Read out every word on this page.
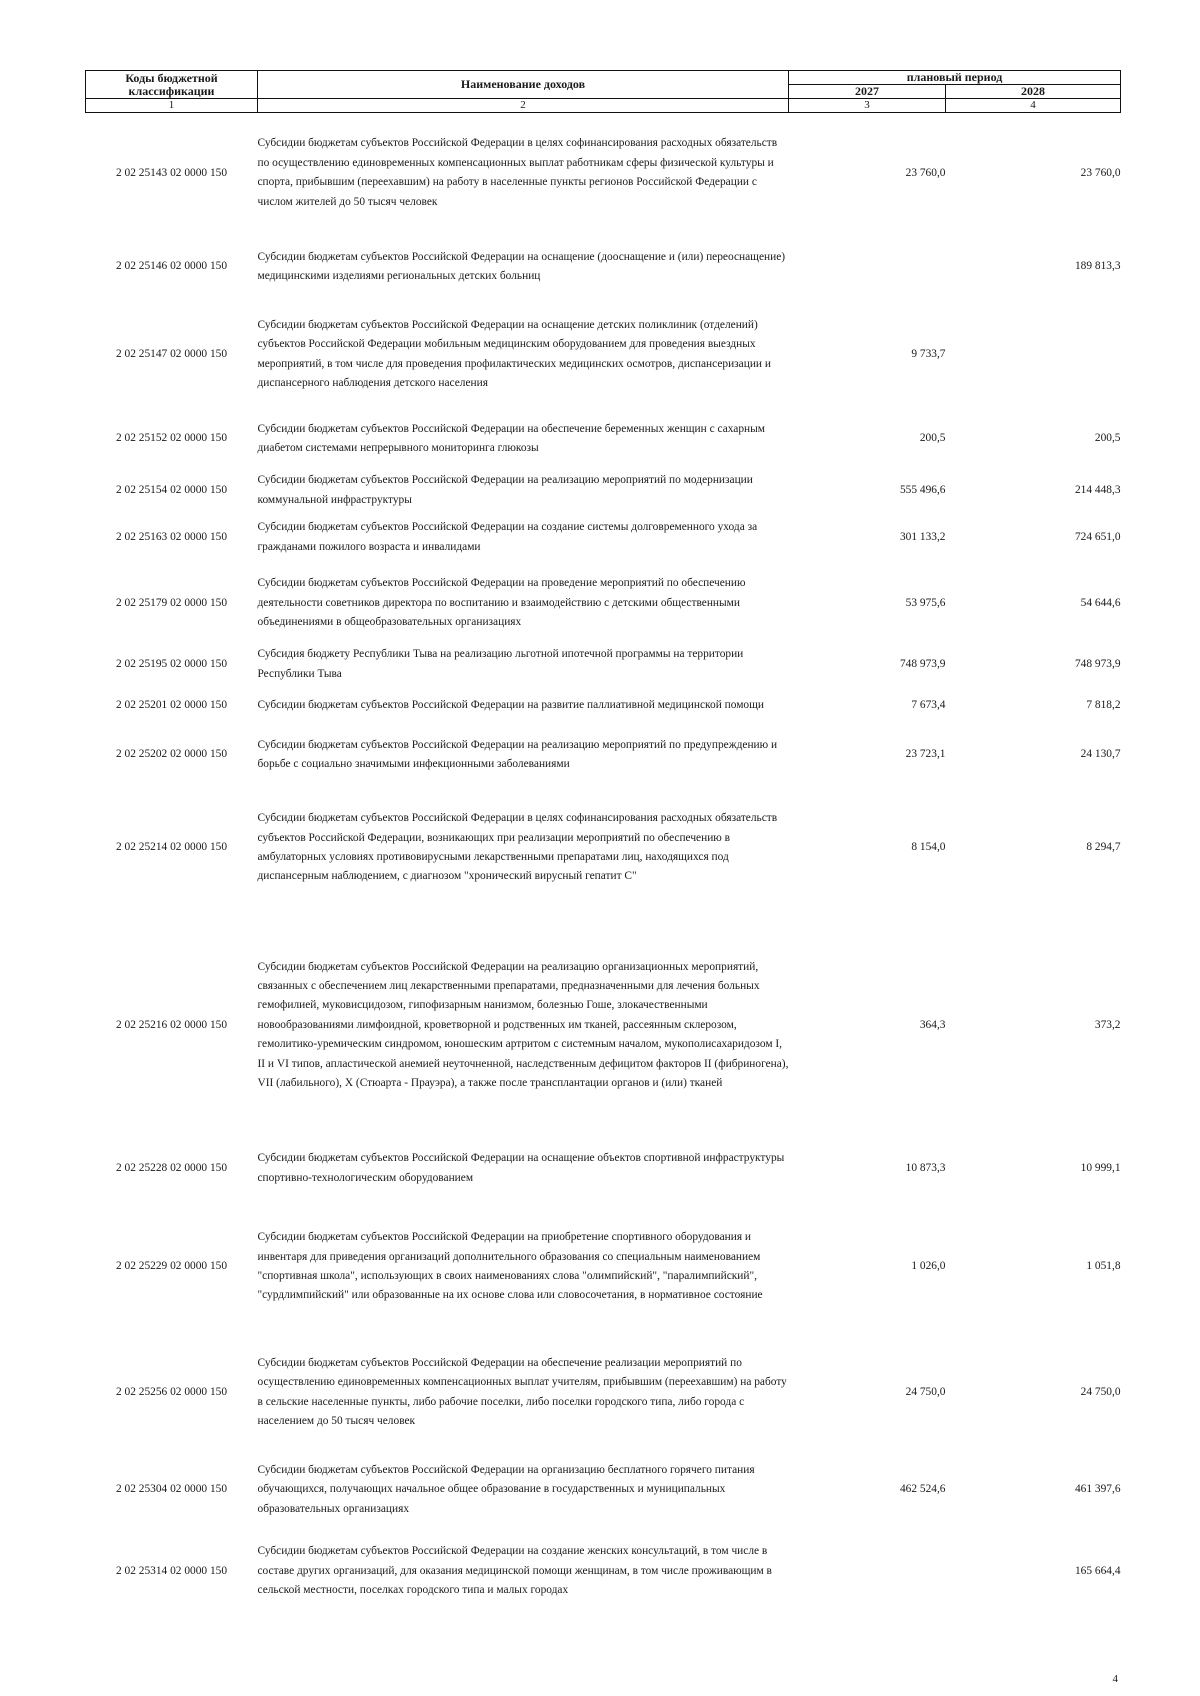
Коды бюджетной классификации	Наименование доходов	плановый период	
		2027	2028
1	2	3	4
2 02 25143 02 0000 150	Субсидии бюджетам субъектов Российской Федерации в целях софинансирования расходных обязательств по осуществлению единовременных компенсационных выплат работникам сферы физической культуры и спорта, прибывшим (переехавшим) на работу в населенные пункты регионов Российской Федерации с числом жителей до 50 тысяч человек	23 760,0	23 760,0
2 02 25146 02 0000 150	Субсидии бюджетам субъектов Российской Федерации на оснащение (дооснащение и (или) переоснащение) медицинскими изделиями региональных детских больниц		189 813,3
2 02 25147 02 0000 150	Субсидии бюджетам субъектов Российской Федерации на оснащение детских поликлиник (отделений) субъектов Российской Федерации мобильным медицинским оборудованием для проведения выездных мероприятий, в том числе для проведения профилактических медицинских осмотров, диспансеризации и диспансерного наблюдения детского населения	9 733,7	
2 02 25152 02 0000 150	Субсидии бюджетам субъектов Российской Федерации на обеспечение беременных женщин с сахарным диабетом системами непрерывного мониторинга глюкозы	200,5	200,5
2 02 25154 02 0000 150	Субсидии бюджетам субъектов Российской Федерации на реализацию мероприятий по модернизации коммунальной инфраструктуры	555 496,6	214 448,3
2 02 25163 02 0000 150	Субсидии бюджетам субъектов Российской Федерации на создание системы долговременного ухода за гражданами пожилого возраста и инвалидами	301 133,2	724 651,0
2 02 25179 02 0000 150	Субсидии бюджетам субъектов Российской Федерации на проведение мероприятий по обеспечению деятельности советников директора по воспитанию и взаимодействию с детскими общественными объединениями в общеобразовательных организациях	53 975,6	54 644,6
2 02 25195 02 0000 150	Субсидия бюджету Республики Тыва на реализацию льготной ипотечной программы на территории Республики Тыва	748 973,9	748 973,9
2 02 25201 02 0000 150	Субсидии бюджетам субъектов Российской Федерации на развитие паллиативной медицинской помощи	7 673,4	7 818,2
2 02 25202 02 0000 150	Субсидии бюджетам субъектов Российской Федерации на реализацию мероприятий по предупреждению и борьбе с социально значимыми инфекционными заболеваниями	23 723,1	24 130,7
2 02 25214 02 0000 150	Субсидии бюджетам субъектов Российской Федерации в целях софинансирования расходных обязательств субъектов Российской Федерации, возникающих при реализации мероприятий по обеспечению в амбулаторных условиях противовирусными лекарственными препаратами лиц, находящихся под диспансерным наблюдением, с диагнозом "хронический вирусный гепатит С"	8 154,0	8 294,7
2 02 25216 02 0000 150	Субсидии бюджетам субъектов Российской Федерации на реализацию организационных мероприятий, связанных с обеспечением лиц лекарственными препаратами, предназначенными для лечения больных гемофилией, муковисцидозом, гипофизарным нанизмом, болезнью Гоше, злокачественными новообразованиями лимфоидной, кроветворной и родственных им тканей, рассеянным склерозом, гемолитико-уремическим синдромом, юношеским артритом с системным началом, мукополисахаридозом I, II и VI типов, апластической анемией неуточненной, наследственным дефицитом факторов II (фибриногена), VII (лабильного), X (Стюарта - Прауэра), а также после трансплантации органов и (или) тканей	364,3	373,2
2 02 25228 02 0000 150	Субсидии бюджетам субъектов Российской Федерации на оснащение объектов спортивной инфраструктуры спортивно-технологическим оборудованием	10 873,3	10 999,1
2 02 25229 02 0000 150	Субсидии бюджетам субъектов Российской Федерации на приобретение спортивного оборудования и инвентаря для приведения организаций дополнительного образования со специальным наименованием "спортивная школа", использующих в своих наименованиях слова "олимпийский", "паралимпийский", "сурдлимпийский" или образованные на их основе слова или словосочетания, в нормативное состояние	1 026,0	1 051,8
2 02 25256 02 0000 150	Субсидии бюджетам субъектов Российской Федерации на обеспечение реализации мероприятий по осуществлению единовременных компенсационных выплат учителям, прибывшим (переехавшим) на работу в сельские населенные пункты, либо рабочие поселки, либо поселки городского типа, либо города с населением до 50 тысяч человек	24 750,0	24 750,0
2 02 25304 02 0000 150	Субсидии бюджетам субъектов Российской Федерации на организацию бесплатного горячего питания обучающихся, получающих начальное общее образование в государственных и муниципальных образовательных организациях	462 524,6	461 397,6
2 02 25314 02 0000 150	Субсидии бюджетам субъектов Российской Федерации на создание женских консультаций, в том числе в составе других организаций, для оказания медицинской помощи женщинам, в том числе проживающим в сельской местности, поселках городского типа и малых городах		165 664,4
4
